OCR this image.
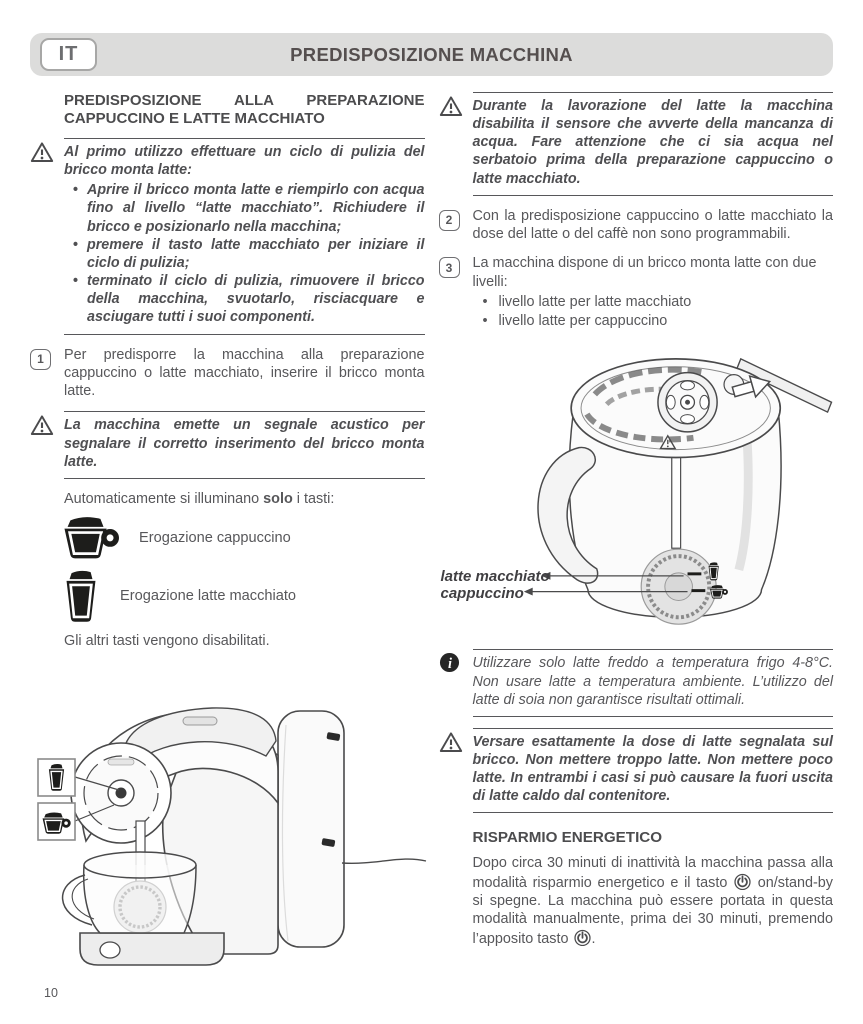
IT	PREDISPOSIZIONE MACCHINA
PREDISPOSIZIONE ALLA PREPARAZIONE CAPPUCCINO E LATTE MACCHIATO

Al primo utilizzo effettuare un ciclo di pulizia del bricco monta latte:

• Aprire il bricco monta latte e riempirlo con acqua fino al livello “latte macchiato”. Richiudere il bricco e posizionarlo nella macchina;
• premere il tasto latte macchiato per iniziare il ciclo di pulizia;
• terminato il ciclo di pulizia, rimuovere il bricco della macchina, svuotarlo, risciacquare e asciugare tutti i suoi componenti.
1	Per predisporre la macchina alla preparazione cappuccino o latte macchiato, inserire il bricco monta latte.

La macchina emette un segnale acustico per segnalare il corretto inserimento del bricco monta latte.

Automaticamente si illuminano solo i tasti:

Erogazione cappuccino
Erogazione latte macchiato

Gli altri tasti vengono disabilitati.

Durante la lavorazione del latte la macchina disabilita il sensore che avverte della mancanza di acqua. Fare attenzione che ci sia acqua nel serbatoio prima della preparazione cappuccino o latte macchiato.

2	Con la predisposizione cappuccino o latte macchiato la dose del latte o del caffè non sono programmabili.

3	La macchina dispone di un bricco monta latte con due livelli:

• livello latte per latte macchiato
• livello latte per cappuccino
latte macchiato
cappuccino
i Utilizzare solo latte freddo a temperatura frigo 4-8°C. Non usare latte a temperatura ambiente. L’utilizzo del latte di soia non garantisce risultati ottimali.

Versare esattamente la dose di latte segnalata sul bricco. Non mettere troppo latte. Non mettere poco latte. In entrambi i casi si può causare la fuori uscita di latte caldo dal contenitore.

RISPARMIO ENERGETICO

Dopo circa 30 minuti di inattività la macchina passa alla modalità risparmio energetico e il tasto  on/stand-by si spegne. La macchina può essere portata in questa modalità manualmente, prima dei 30 minuti, premendo l’apposito tasto .

10
